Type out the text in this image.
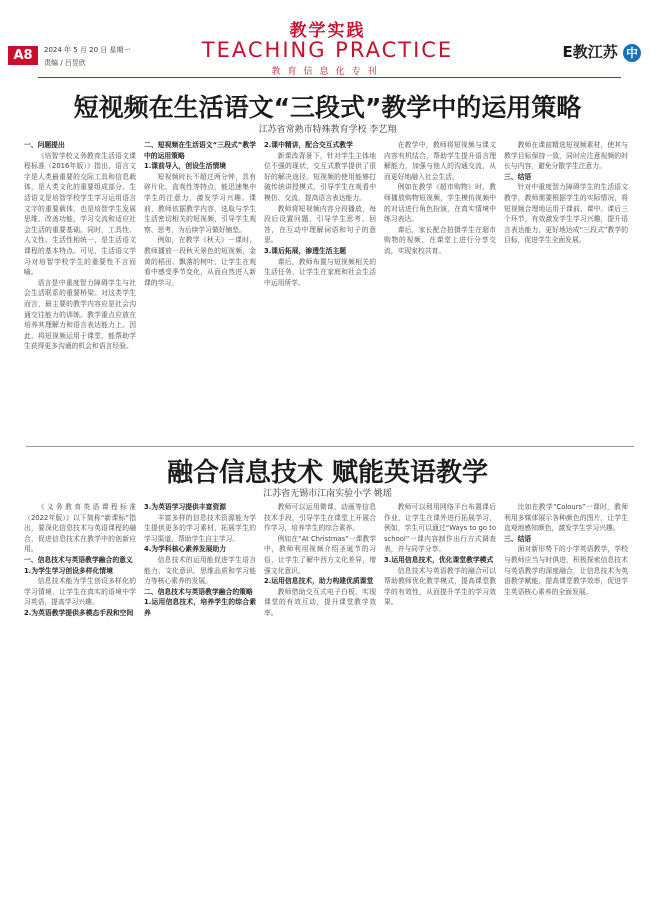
A8	2024 年 5 月 20 日 星期一
责编 / 吕昱欣
教学实践
TEACHING PRACTICE
教育信息化专刊
E教江苏 中
短视频在生活语文“三段式”教学中的运用策略
江苏省常熟市特殊教育学校 李艺翔

一、问题提出

《培智学校义务教育生活语文课程标准（2016年版）》指出，语言文字是人类最重要的交际工具和信息载体，是人类文化的重要组成部分。生活语文是培智学校学生学习运用语言文字的重要载体，也是培智学生发展思维、改善功能，学习交流和适应社会生活的重要基础。同时，工具性、人文性、生活性相统一，是生活语文课程的基本特点。可见，生活语文学习对培智学校学生的重要性不言而喻。

语言是中重度智力障碍学生与社会生活联系的重要桥梁。对这类学生而言，最主要的教学内容应是社会沟通交往能力的训练。教学重点应放在培养其理解力和语言表达能力上。因此，将短视频运用于课堂，能帮助学生获得更多沟通的机会和语言经验。

二、短视频在生活语文“三段式”教学中的运用策略

1.课前导入，创设生活情境

短视频时长不超过两分钟，具有碎片化、直观性等特点，能迅速集中学生的注意力，激发学习兴趣。课前，教师依据教学内容，选取与学生生活密切相关的短视频，引导学生观察、思考，为后续学习做好铺垫。

例如，在教学《秋天》一课时，教师播放一段秋天景色的短视频，金黄的稻田、飘落的树叶，让学生在观看中感受季节变化，从而自然进入新课的学习。

2.课中精讲，配合交互式教学

新课改背景下，针对学生主体地位不强的现状，交互式教学提供了很好的解决途径。短视频的使用能够打破传统讲授模式，引导学生在观看中模仿、交流，提高语言表达能力。

教师将短视频内容分段播放，每段后设置问题，引导学生思考、回答，在互动中理解词语和句子的意思。

3.课后拓展，渗透生活主题

课后，教师布置与短视频相关的生活任务，让学生在家庭和社会生活中运用所学。

在教学中，教师将短视频与课文内容有机结合，帮助学生提升语言理解能力，加强与他人的沟通交流，从而更好地融入社会生活。

例如在教学《超市购物》时，教师播放购物短视频，学生模仿视频中的对话进行角色扮演，在真实情境中练习表达。

课后，家长配合拍摄学生在超市购物的视频，在课堂上进行分享交流，实现家校共育。

教师在课前精选短视频素材，使其与教学目标保持一致，同时应注意视频的时长与内容，避免分散学生注意力。

三、结语

针对中重度智力障碍学生的生活语文教学，教师需要根据学生的实际情况，将短视频合理地运用于课前、课中、课后三个环节，有效激发学生学习兴趣，提升语言表达能力，更好地达成“三段式”教学的目标，促进学生全面发展。

融合信息技术 赋能英语教学
江苏省无锡市江南实验小学 姚瑶

《义务教育英语课程标准（2022年版）》以下简称“新课标”指出，要深化信息技术与英语课程的融合，促进信息技术在教学中的创新应用。

一、信息技术与英语教学融合的意义

1.为学生学习创设多样化情境

信息技术能为学生创设多样化的学习情境，让学生在真实的语境中学习英语，提高学习兴趣。

2.为英语教学提供多模态手段和空间

3.为英语学习提供丰富资源

丰富多样的信息技术资源能为学生提供更多的学习素材，拓展学生的学习渠道，帮助学生自主学习。

4.为学科核心素养发展助力

信息技术的运用能促进学生语言能力、文化意识、思维品质和学习能力等核心素养的发展。

二、信息技术与英语教学融合的策略

1.运用信息技术，培养学生的综合素养

教师可以运用微课、动画等信息技术手段，引导学生在课堂上开展合作学习，培养学生的综合素养。

例如在“At Christmas”一课教学中，教师利用视频介绍圣诞节的习俗，让学生了解中西方文化差异，增强文化意识。

2.运用信息技术，助力构建优质课堂

教师借助交互式电子白板，实现课堂的有效互动，提升课堂教学效率。

教师可以利用网络平台布置课后作业，让学生在课外进行拓展学习，例如，学生可以通过“Ways to go to school”一课内容制作出行方式调查表，并与同学分享。

3.运用信息技术，优化课堂教学模式

信息技术与英语教学的融合可以帮助教师优化教学模式，提高课堂教学的有效性，从而提升学生的学习效果。

比如在教学“Colours”一课时，教师利用多媒体展示各种颜色的图片，让学生直观地感知颜色，激发学生学习兴趣。

三、结语

面对新形势下的小学英语教学，学校与教师应当与时俱进，积极探索信息技术与英语教学的深度融合，让信息技术为英语教学赋能，提高课堂教学效率，促进学生英语核心素养的全面发展。
